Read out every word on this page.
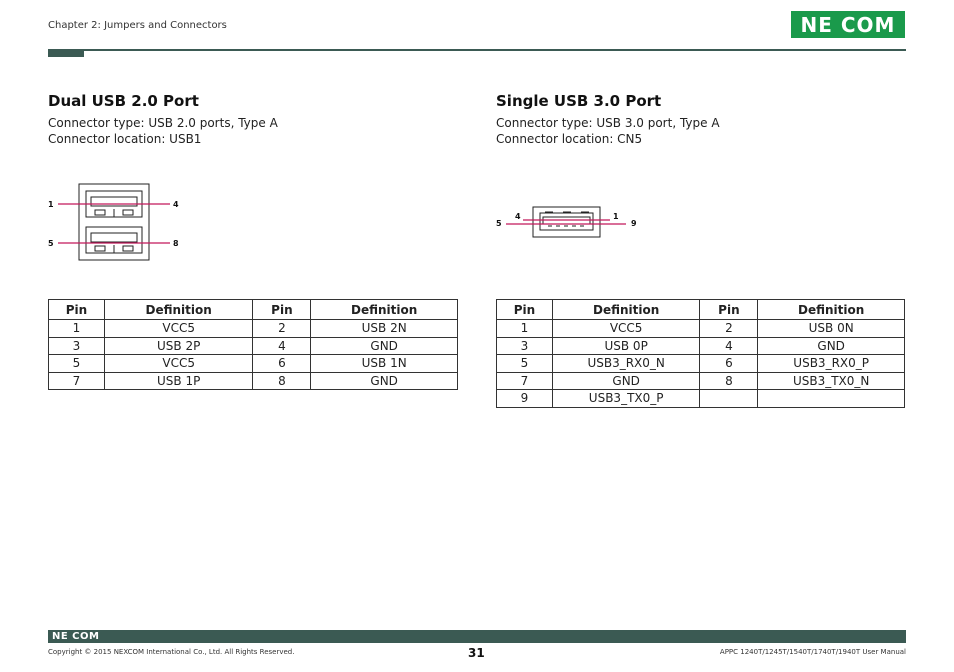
Chapter 2: Jumpers and Connectors	NE COM
Dual USB 2.0 Port
Connector type: USB 2.0 ports, Type A
Connector location: USB1
1	4
5	8
Pin	Definition	Pin	Definition
1	VCC5	2	USB 2N
3	USB 2P	4	GND
5	VCC5	6	USB 1N
7	USB 1P	8	GND
Single USB 3.0 Port
Connector type: USB 3.0 port, Type A
Connector location: CN5
5
4	1
9
Pin	Definition	Pin	Definition
1	VCC5	2	USB 0N
3	USB 0P	4	GND
5	USB3_RX0_N	6	USB3_RX0_P
7	GND	8	USB3_TX0_N
9	USB3_TX0_P		
NE COM
Copyright © 2015 NEXCOM International Co., Ltd. All Rights Reserved.	31	APPC 1240T/1245T/1540T/1740T/1940T User Manual
